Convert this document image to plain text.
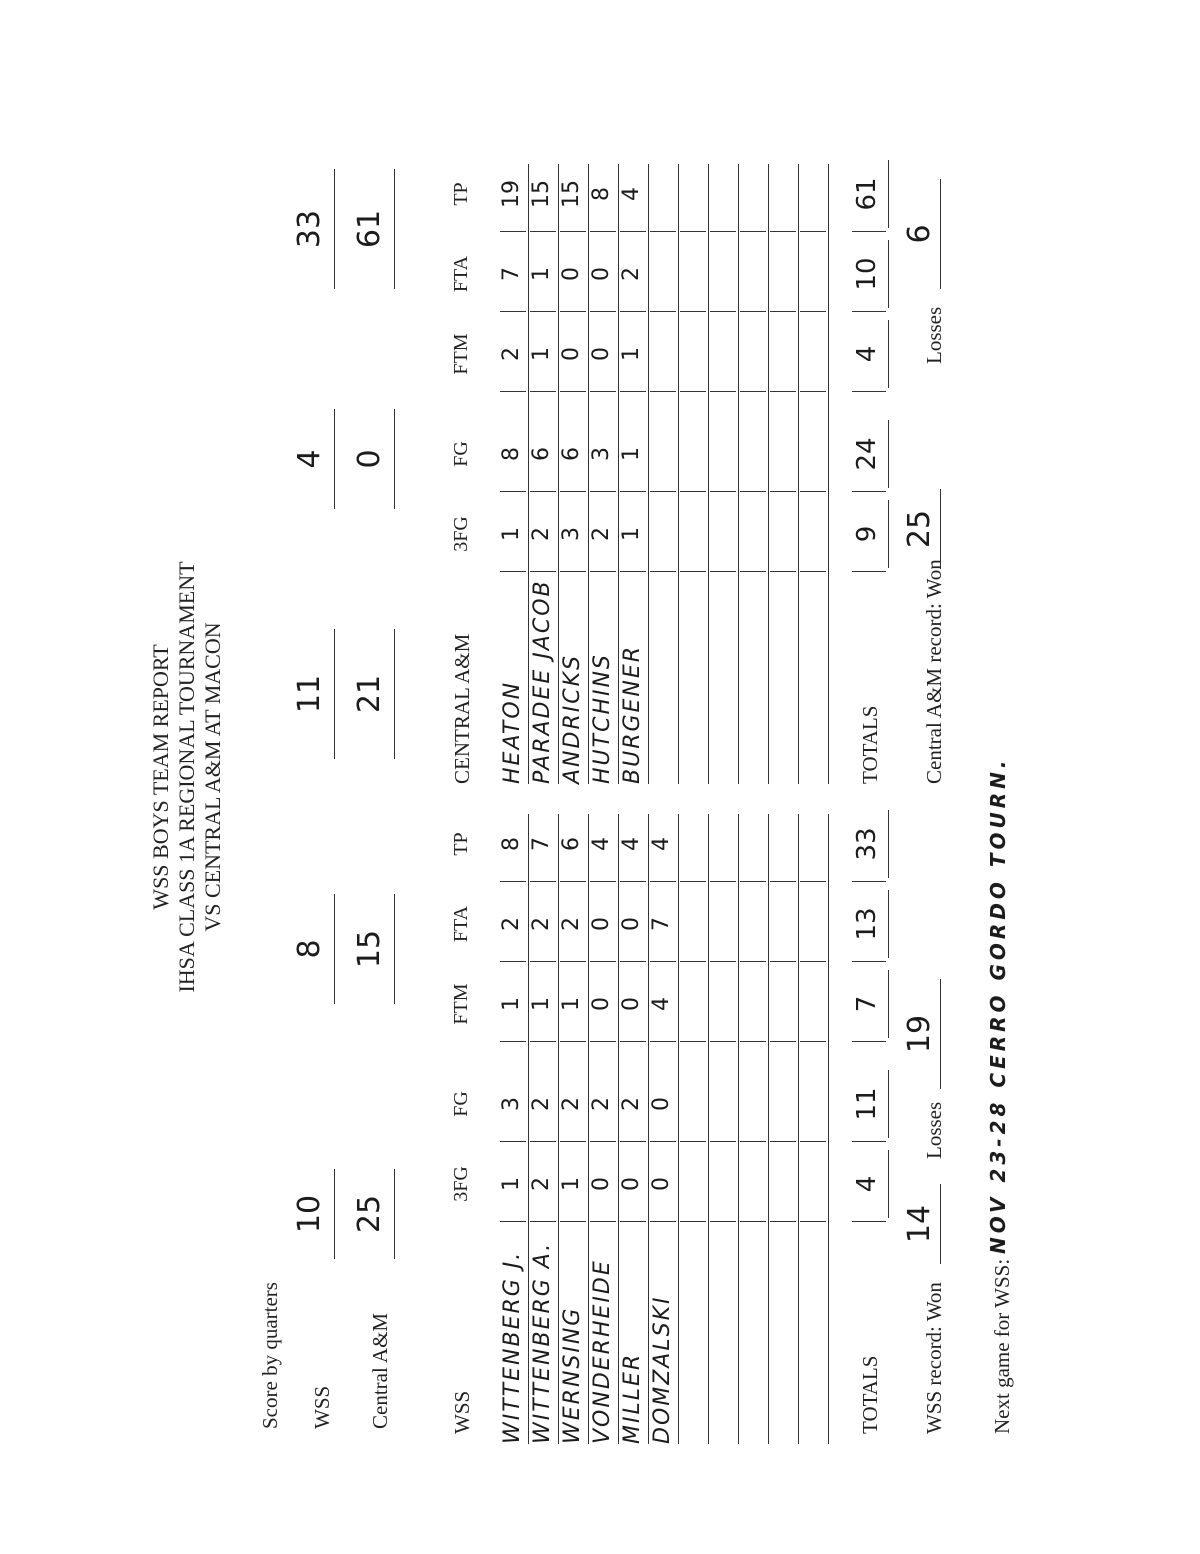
WSS BOYS TEAM REPORT IHSA CLASS 1A REGIONAL TOURNAMENT VS CENTRAL A&M AT MACON
Score by quarters WSS Central A&M
10
8
11
4
33
25
15
21
0
61
WSS
3FG
FG
FTM
FTA
TP
CENTRAL A&M
3FG
FG
FTM
FTA
TP
WITTENBERG J.
1
3
1
2
8
WITTENBERG A.
2
2
1
2
7
WERNSING
1
2
1
2
6
VONDERHEIDE
0
2
0
0
4
MILLER
0
2
0
0
4
DOMZALSKI
0
0
4
7
4
HEATON
1
8
2
7
19
PARADEE JACOB
2
6
1
1
15
ANDRICKS
3
6
0
0
15
HUTCHINS
2
3
0
0
8
BURGENER
1
1
1
2
4
TOTALS
TOTALS
4
11
7
13
33
9
24
4
10
61
WSS record: Won
14
Losses
19
Central A&M record: Won
25
Losses
6
Next game for WSS:
NOV 23-28 CERRO GORDO TOURN.
